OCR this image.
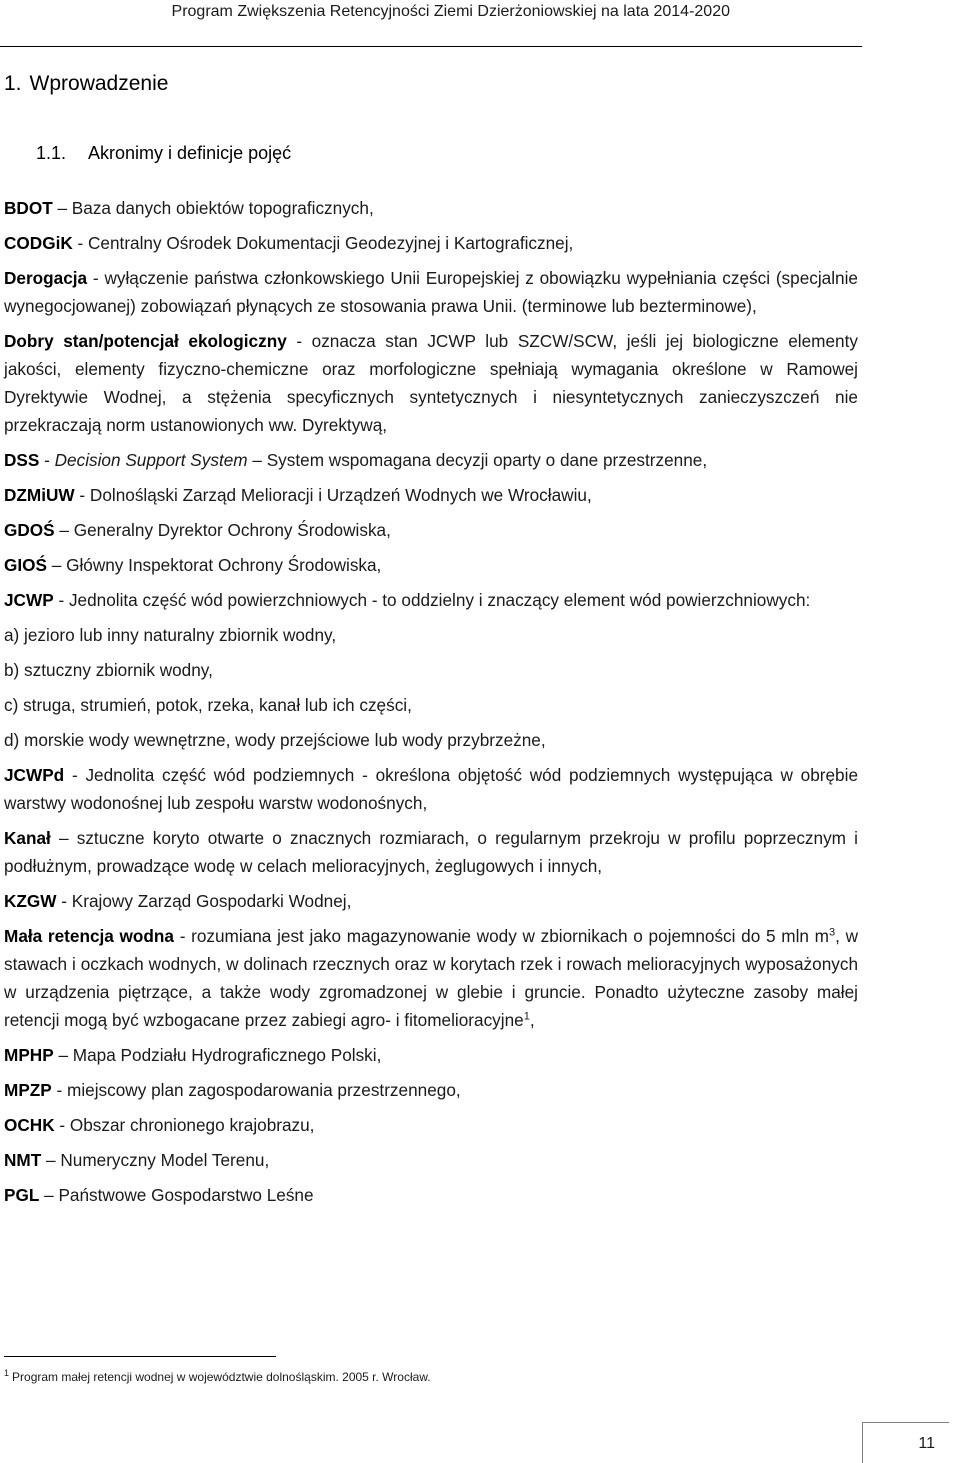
Program Zwiększenia Retencyjności Ziemi Dzierżoniowskiej na lata 2014-2020
1. Wprowadzenie
1.1. Akronimy i definicje pojęć

BDOT – Baza danych obiektów topograficznych,

CODGiK - Centralny Ośrodek Dokumentacji Geodezyjnej i Kartograficznej,

Derogacja - wyłączenie państwa członkowskiego Unii Europejskiej z obowiązku wypełniania części (specjalnie wynegocjowanej) zobowiązań płynących ze stosowania prawa Unii. (terminowe lub bezterminowe),

Dobry stan/potencjał ekologiczny - oznacza stan JCWP lub SZCW/SCW, jeśli jej biologiczne elementy jakości, elementy fizyczno-chemiczne oraz morfologiczne spełniają wymagania określone w Ramowej Dyrektywie Wodnej, a stężenia specyficznych syntetycznych i niesyntetycznych zanieczyszczeń nie przekraczają norm ustanowionych ww. Dyrektywą,

DSS - Decision Support System – System wspomagana decyzji oparty o dane przestrzenne,

DZMiUW - Dolnośląski Zarząd Melioracji i Urządzeń Wodnych we Wrocławiu,

GDOŚ – Generalny Dyrektor Ochrony Środowiska,

GIOŚ – Główny Inspektorat Ochrony Środowiska,

JCWP - Jednolita część wód powierzchniowych - to oddzielny i znaczący element wód powierzchniowych:

a) jezioro lub inny naturalny zbiornik wodny,

b) sztuczny zbiornik wodny,

c) struga, strumień, potok, rzeka, kanał lub ich części,

d) morskie wody wewnętrzne, wody przejściowe lub wody przybrzeżne,

JCWPd - Jednolita część wód podziemnych - określona objętość wód podziemnych występująca w obrębie warstwy wodonośnej lub zespołu warstw wodonośnych,

Kanał – sztuczne koryto otwarte o znacznych rozmiarach, o regularnym przekroju w profilu poprzecznym i podłużnym, prowadzące wodę w celach melioracyjnych, żeglugowych i innych,

KZGW - Krajowy Zarząd Gospodarki Wodnej,

Mała retencja wodna - rozumiana jest jako magazynowanie wody w zbiornikach o pojemności do 5 mln $m^3$, w stawach i oczkach wodnych, w dolinach rzecznych oraz w korytach rzek i rowach melioracyjnych wyposażonych w urządzenia piętrzące, a także wody zgromadzonej w glebie i gruncie. Ponadto użyteczne zasoby małej retencji mogą być wzbogacane przez zabiegi agro- i fitomelioracyjne$^1$,

MPHP – Mapa Podziału Hydrograficznego Polski,

MPZP - miejscowy plan zagospodarowania przestrzennego,

OCHK - Obszar chronionego krajobrazu,

NMT – Numeryczny Model Terenu,

PGL – Państwowe Gospodarstwo Leśne

$^1$ Program małej retencji wodnej w województwie dolnośląskim. 2005 r. Wrocław.
11
